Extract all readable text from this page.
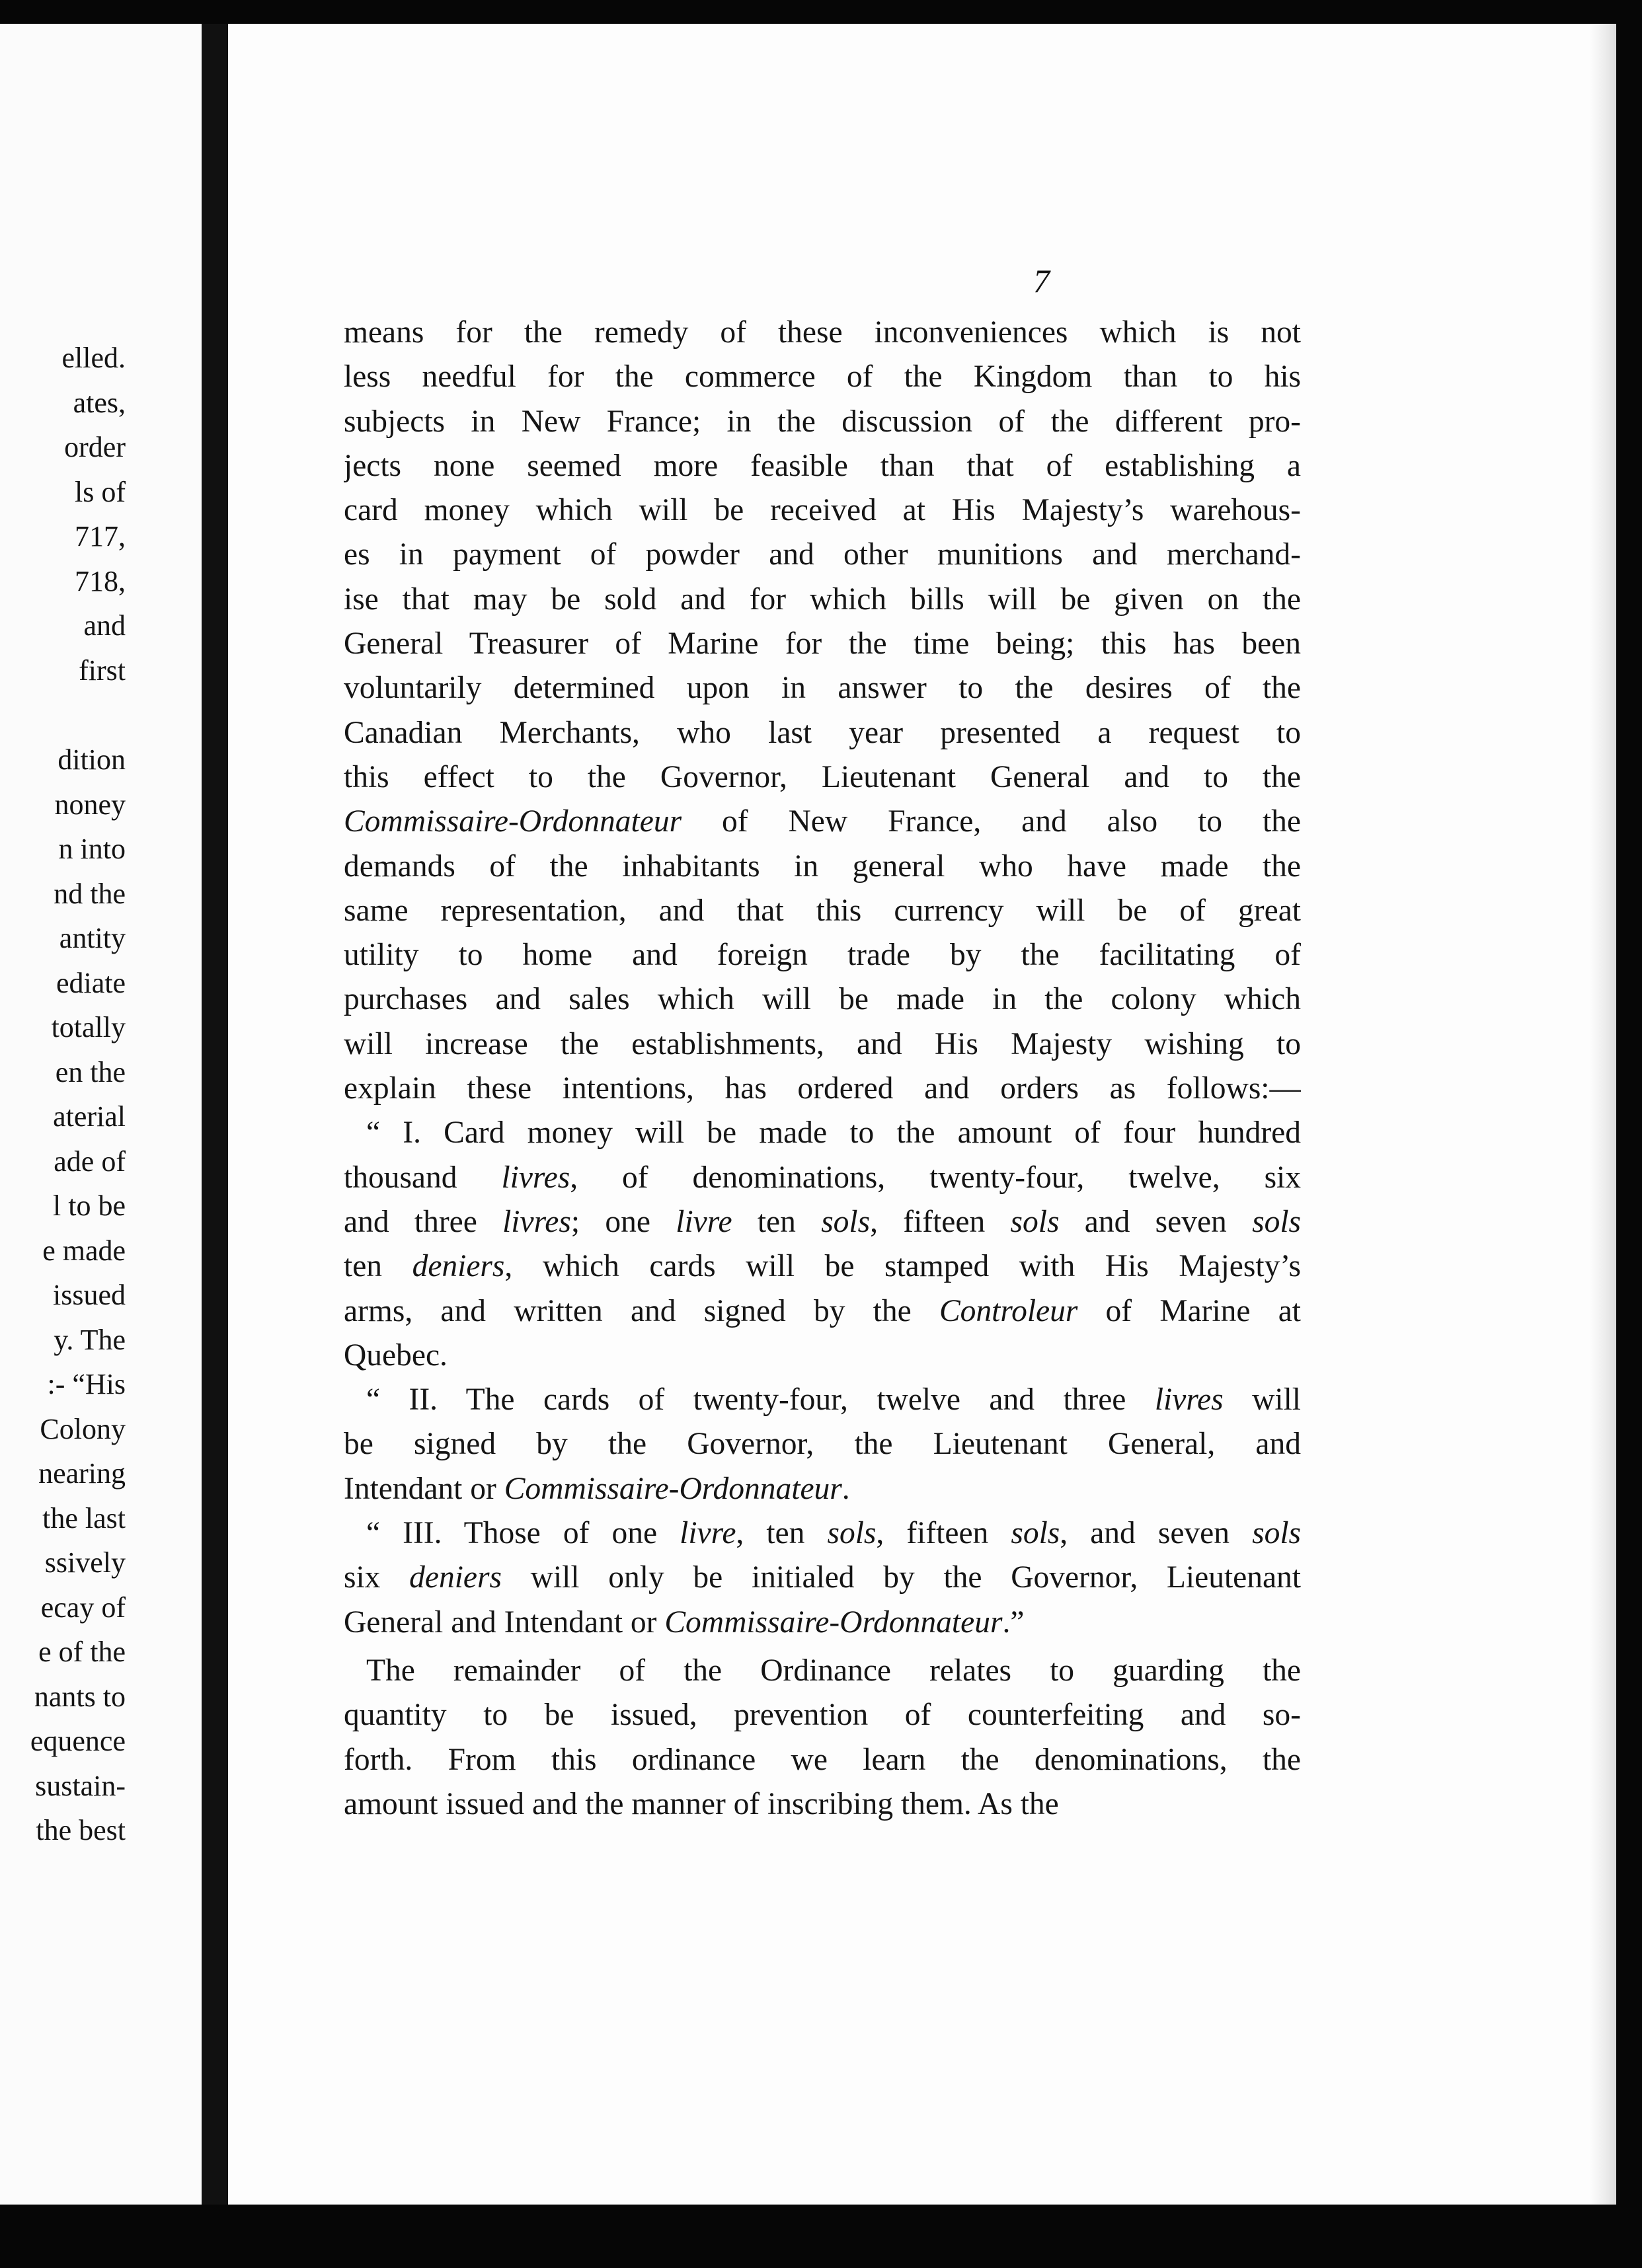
elled.
ates,
order
ls of
717,
718,
and
first
dition
noney
n into
nd the
antity
ediate
totally
en the
aterial
ade of
l to be
e made
issued
y. The
:- “His
Colony
nearing
the last
ssively
ecay of
e of the
nants to
equence
sustain-
the best
7
means for the remedy of these inconveniences which is not
less needful for the commerce of the Kingdom than to his
subjects in New France; in the discussion of the different pro-
jects none seemed more feasible than that of establishing a
card money which will be received at His Majesty’s warehous-
es in payment of powder and other munitions and merchand-
ise that may be sold and for which bills will be given on the
General Treasurer of Marine for the time being; this has been
voluntarily determined upon in answer to the desires of the
Canadian Merchants, who last year presented a request to
this effect to the Governor, Lieutenant General and to the
Commissaire-Ordonnateur of New France, and also to the
demands of the inhabitants in general who have made the
same representation, and that this currency will be of great
utility to home and foreign trade by the facilitating of
purchases and sales which will be made in the colony which
will increase the establishments, and His Majesty wishing to
explain these intentions, has ordered and orders as follows:—
“ I. Card money will be made to the amount of four hundred
thousand livres, of denominations, twenty-four, twelve, six
and three livres; one livre ten sols, fifteen sols and seven sols
ten deniers, which cards will be stamped with His Majesty’s
arms, and written and signed by the Controleur of Marine at
Quebec.
“ II. The cards of twenty-four, twelve and three livres will
be signed by the Governor, the Lieutenant General, and
Intendant or Commissaire-Ordonnateur.
“ III. Those of one livre, ten sols, fifteen sols, and seven sols
six deniers will only be initialed by the Governor, Lieutenant
General and Intendant or Commissaire-Ordonnateur.”
The remainder of the Ordinance relates to guarding the
quantity to be issued, prevention of counterfeiting and so-
forth. From this ordinance we learn the denominations, the
amount issued and the manner of inscribing them. As the
